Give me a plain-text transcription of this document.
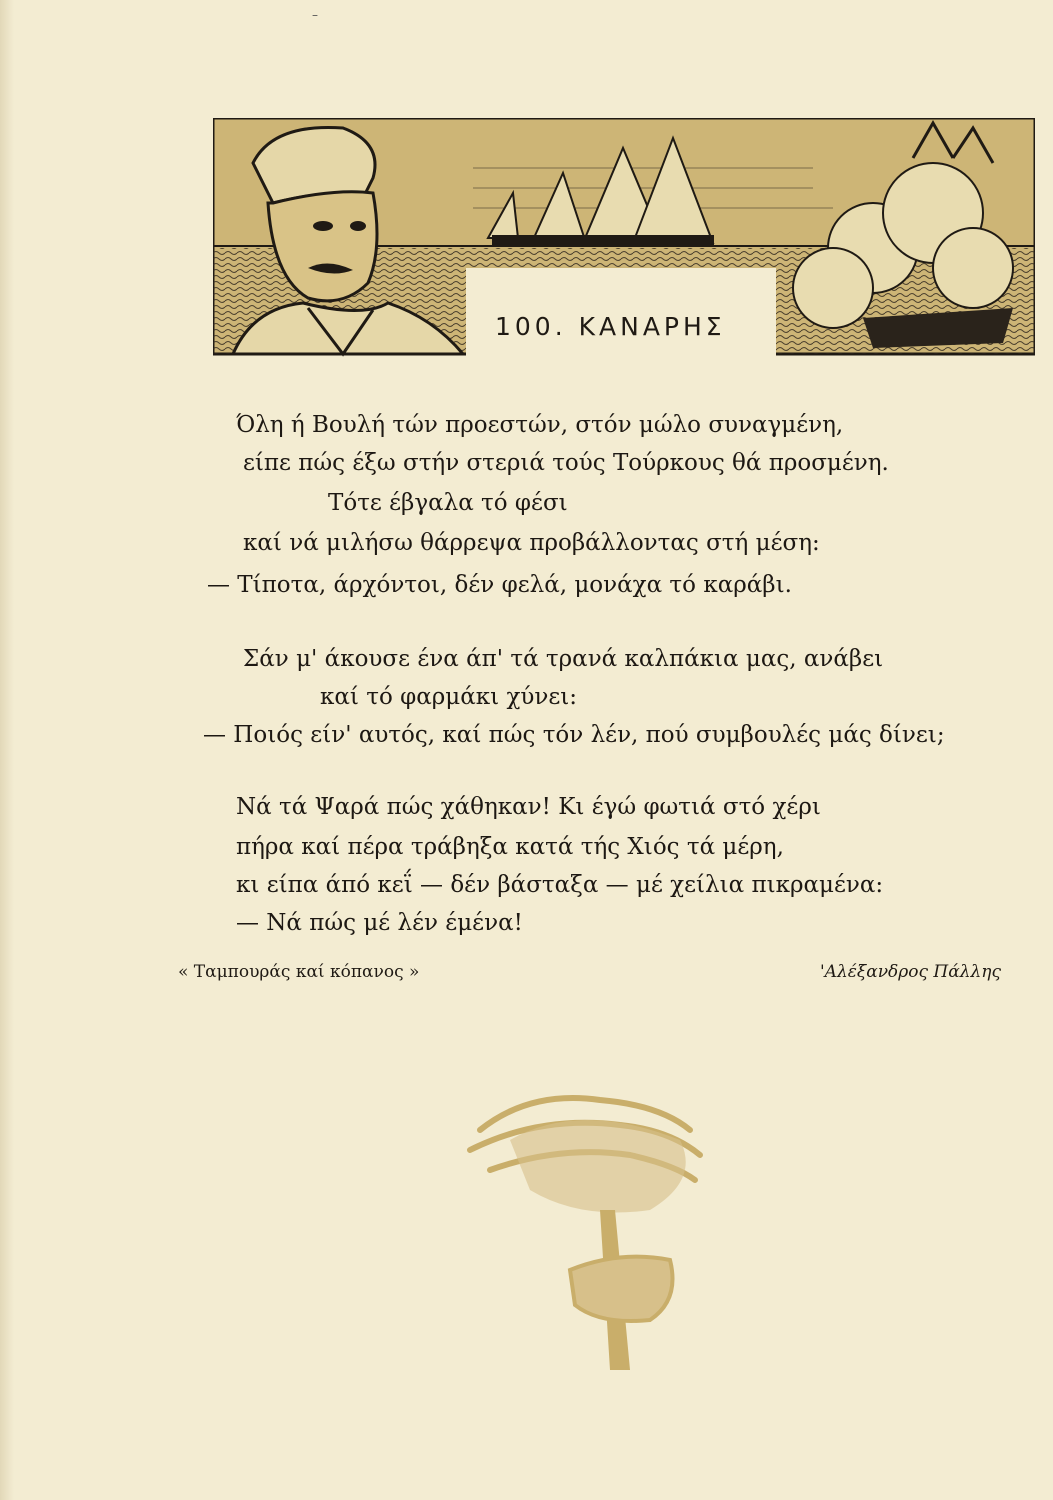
–
100. ΚΑΝΑΡΗΣ
Όλη ή Βουλή τών προεστών, στόν μώλο συναγμένη,
είπε πώς έξω στήν στεριά τούς Τούρκους θά προσμένη.
Τότε έβγαλα τό φέσι
καί νά μιλήσω θάρρεψα προβάλλοντας στή μέση:
— Τίποτα, άρχόντοι, δέν φελά, μονάχα τό καράβι.
Σάν μ' άκουσε ένα άπ' τά τρανά καλπάκια μας, ανάβει
καί τό φαρμάκι χύνει:
— Ποιός είν' αυτός, καί πώς τόν λέν, πού συμβουλές μάς δίνει;
Νά τά Ψαρά πώς χάθηκαν! Κι έγώ φωτιά στό χέρι
πήρα καί πέρα τράβηξα κατά τής Χιός τά μέρη,
κι είπα άπό κεΐ — δέν βάσταξα — μέ χείλια πικραμένα:
— Νά πώς μέ λέν έμένα!
« Ταμπουράς καί κόπανος »	'Αλέξανδρος Πάλλης
